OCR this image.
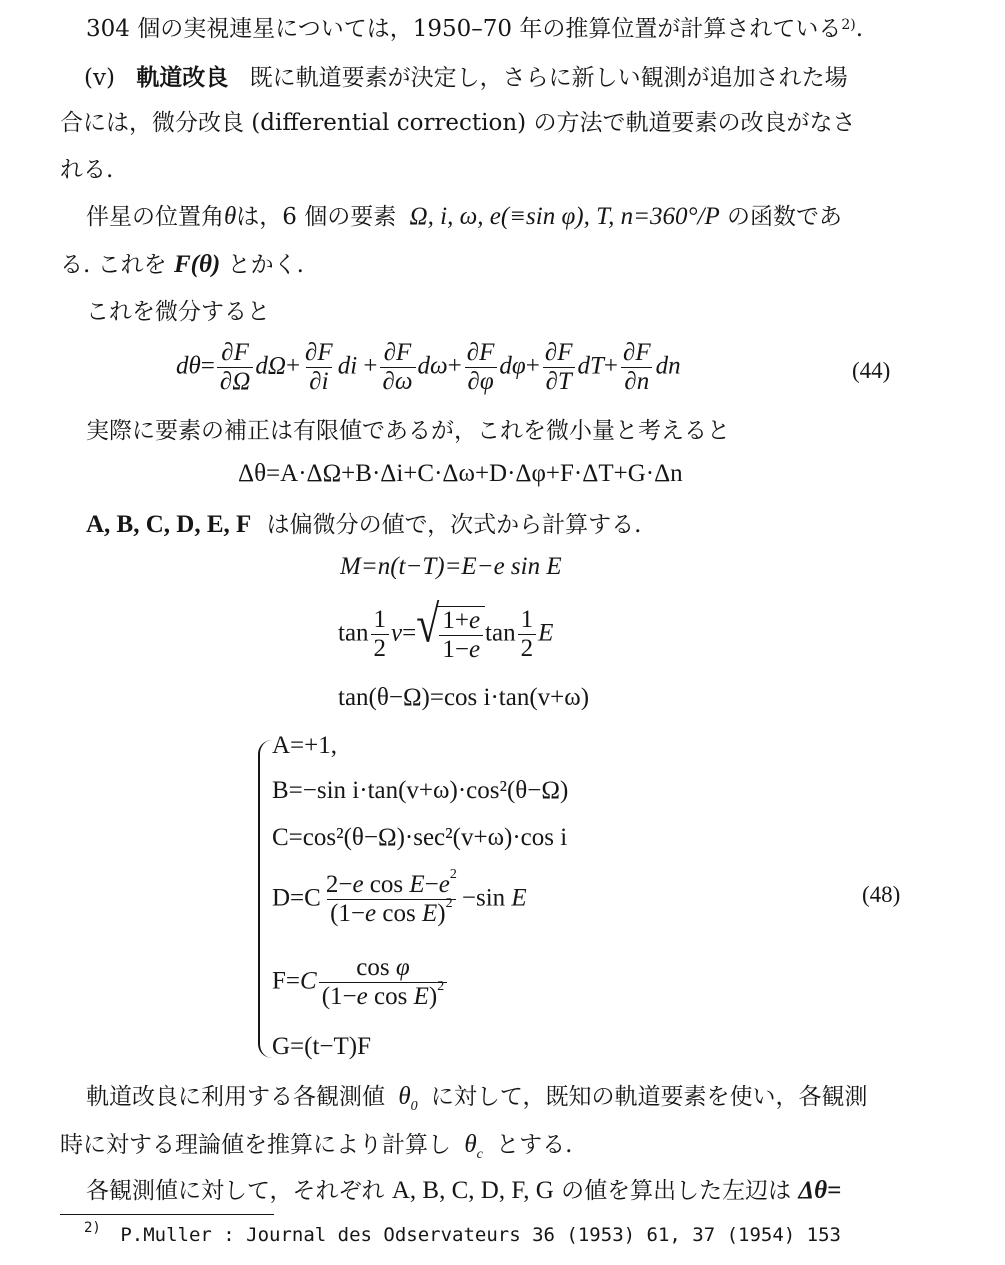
304 個の実視連星については，1950–70 年の推算位置が計算されている$^{2)}$.
(v) 軌道改良 既に軌道要素が決定し，さらに新しい観測が追加された場
合には，微分改良 (differential correction) の方法で軌道要素の改良がなさ
れる.
伴星の位置角θは，6 個の要素 Ω, i, ω, e(≡sin φ), T, n=360°/P の函数であ
る. これを F(θ) とかく.
これを微分すると
$d\theta= \frac{\partial F}{\partial\Omega} d\Omega+ \frac{\partial F}{\partial i}$ di + $\frac{\partial F}{\partial\omega} d\omega+ \frac{\partial F}{\partial\varphi} d\varphi+ \frac{\partial F}{\partial T} dT+ \frac{\partial F}{\partial n}$ dn	(44)
実際に要素の補正は有限値であるが，これを微小量と考えると
Δθ=A·ΔΩ+B·Δi+C·Δω+D·Δφ+F·ΔT+G·Δn
A, B, C, D, E, F は偏微分の値で，次式から計算する.
M=n(t−T)=E−e sin E
$\tan \frac{1}{2} v=$ √ $\frac{1+e}{1-e}$ $\tan \frac{1}{2}$ E
tan(θ−Ω)=cos i·tan(v+ω)
A=+1,
B=−sin i·tan(v+ω)·cos²(θ−Ω)
C=cos²(θ−Ω)·sec²(v+ω)·cos i
$D=C \frac{2-e \cos E-e^2}{(1-e \cos E)^2} -\sin$ E	(48)
$F=C \frac{\text{cos φ}}{(1-e \cos E)^2}$
G=(t−T)F
軌道改良に利用する各観測値 $\theta_0$ に対して，既知の軌道要素を使い，各観測
時に対する理論値を推算により計算し $\theta_c$ とする.
各観測値に対して，それぞれ A, B, C, D, F, G の値を算出した左辺は Δθ=
$^{2)}$ P.Muller : Journal des Odservateurs 36 (1953) 61, 37 (1954) 153
